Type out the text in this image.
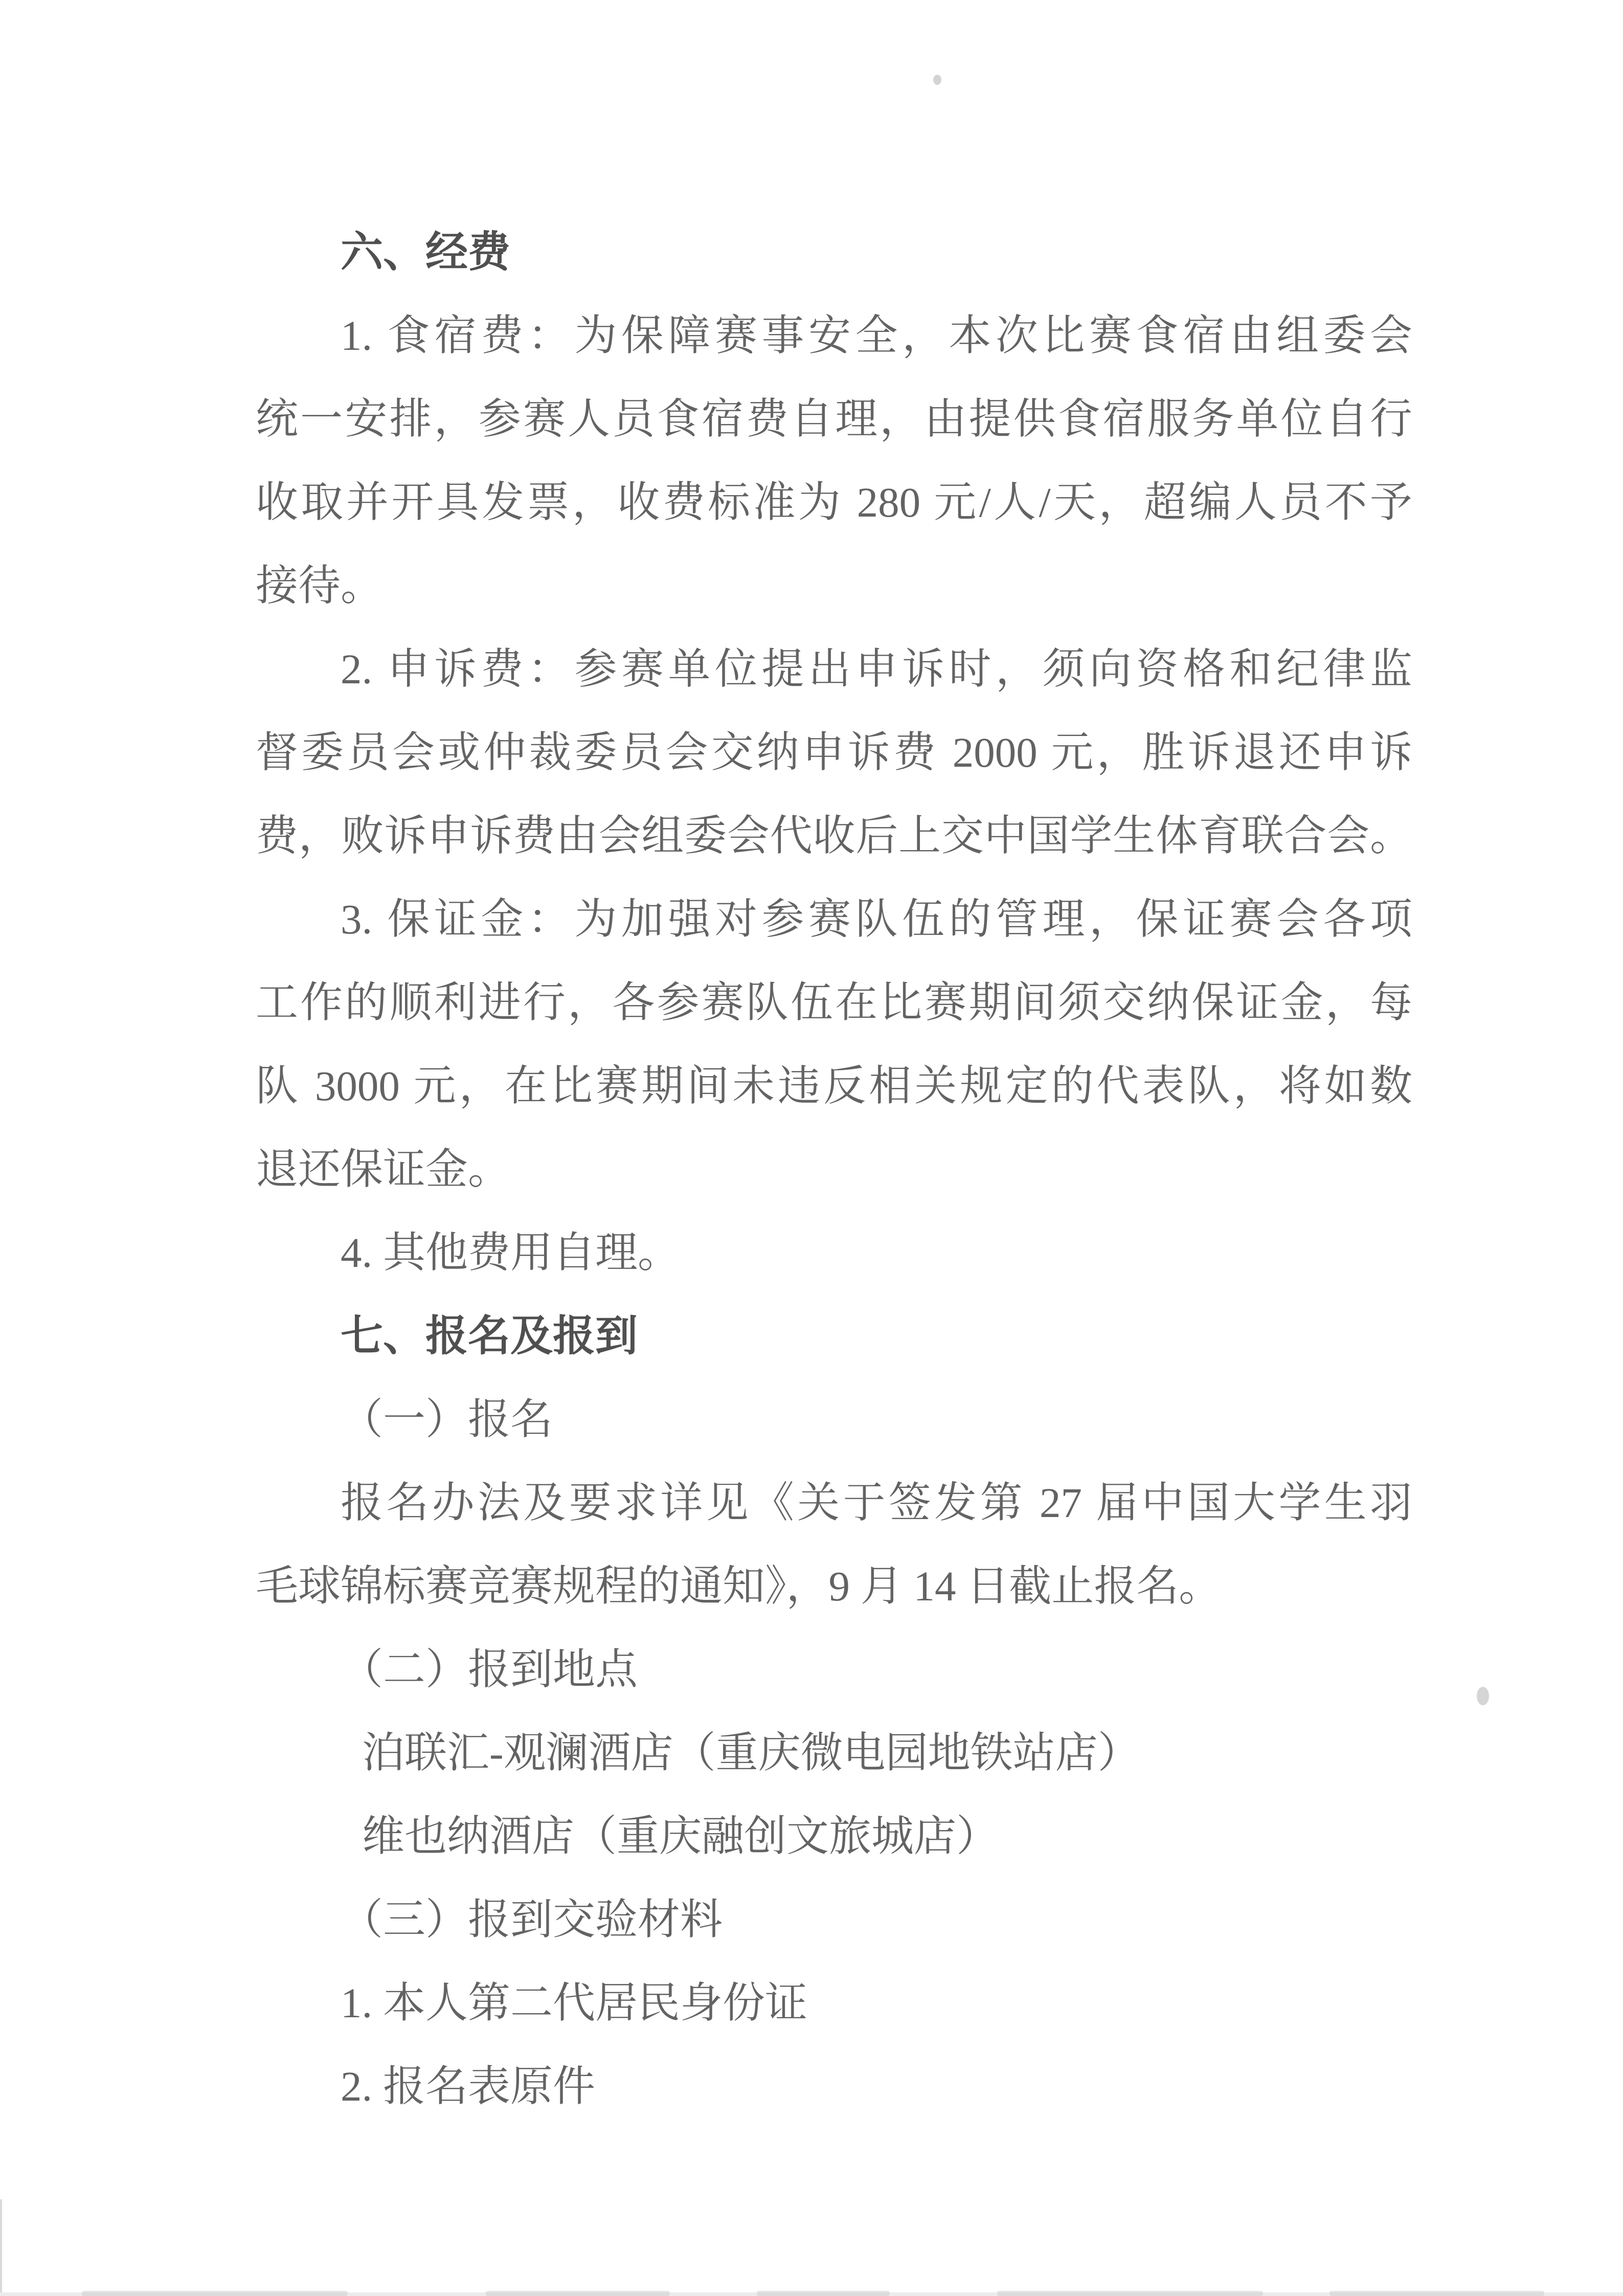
六、经费
1. 食宿费：为保障赛事安全，本次比赛食宿由组委会
统一安排，参赛人员食宿费自理，由提供食宿服务单位自行
收取并开具发票，收费标准为 280 元/人/天，超编人员不予
接待。
2. 申诉费：参赛单位提出申诉时，须向资格和纪律监
督委员会或仲裁委员会交纳申诉费 2000 元，胜诉退还申诉
费，败诉申诉费由会组委会代收后上交中国学生体育联合会。
3. 保证金：为加强对参赛队伍的管理，保证赛会各项
工作的顺利进行，各参赛队伍在比赛期间须交纳保证金，每
队 3000 元，在比赛期间未违反相关规定的代表队，将如数
退还保证金。
4. 其他费用自理。
七、报名及报到
（一）报名
报名办法及要求详见《关于签发第 27 届中国大学生羽
毛球锦标赛竞赛规程的通知》，9 月 14 日截止报名。
（二）报到地点
泊联汇-观澜酒店（重庆微电园地铁站店）
维也纳酒店（重庆融创文旅城店）
（三）报到交验材料
1. 本人第二代居民身份证
2. 报名表原件
